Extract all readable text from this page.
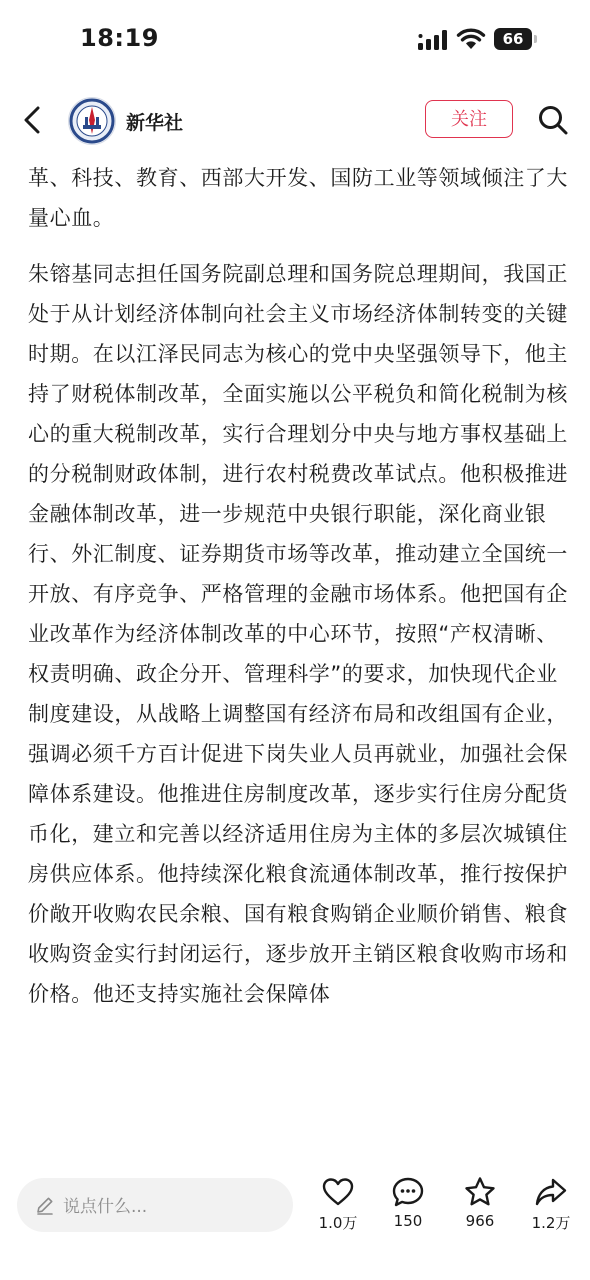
18:19	66
新华社	关注

革、科技、教育、西部大开发、国防工业等领域倾注了大量心血。

朱镕基同志担任国务院副总理和国务院总理期间，我国正处于从计划经济体制向社会主义市场经济体制转变的关键时期。在以江泽民同志为核心的党中央坚强领导下，他主持了财税体制改革，全面实施以公平税负和简化税制为核心的重大税制改革，实行合理划分中央与地方事权基础上的分税制财政体制，进行农村税费改革试点。他积极推进金融体制改革，进一步规范中央银行职能，深化商业银行、外汇制度、证券期货市场等改革，推动建立全国统一开放、有序竞争、严格管理的金融市场体系。他把国有企业改革作为经济体制改革的中心环节，按照“产权清晰、权责明确、政企分开、管理科学”的要求，加快现代企业制度建设，从战略上调整国有经济布局和改组国有企业，强调必须千方百计促进下岗失业人员再就业，加强社会保障体系建设。他推进住房制度改革，逐步实行住房分配货币化，建立和完善以经济适用住房为主体的多层次城镇住房供应体系。他持续深化粮食流通体制改革，推行按保护价敞开收购农民余粮、国有粮食购销企业顺价销售、粮食收购资金实行封闭运行，逐步放开主销区粮食收购市场和价格。他还支持实施社会保障体

说点什么...
1.0万	150	966	1.2万
